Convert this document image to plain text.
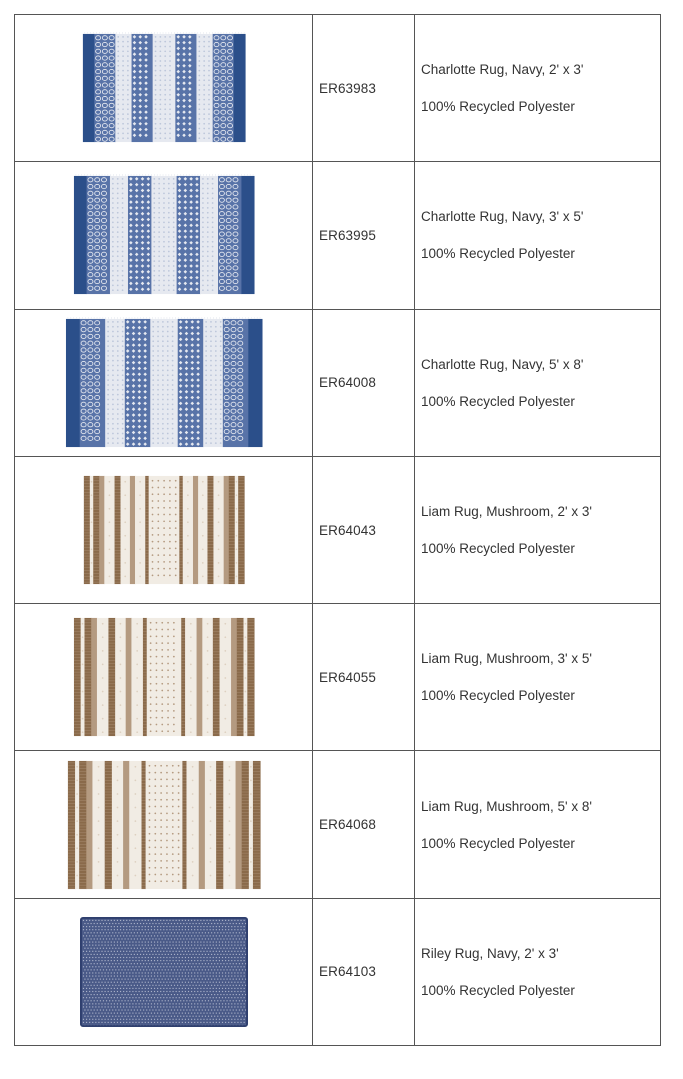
	ER63983	Charlotte Rug, Navy, 2' x 3'
100% Recycled Polyester

	ER63995	Charlotte Rug, Navy, 3' x 5'
100% Recycled Polyester

	ER64008	Charlotte Rug, Navy, 5' x 8'
100% Recycled Polyester

	ER64043	Liam Rug, Mushroom, 2' x 3'
100% Recycled Polyester

	ER64055	Liam Rug, Mushroom, 3' x 5'
100% Recycled Polyester

	ER64068	Liam Rug, Mushroom, 5' x 8'
100% Recycled Polyester

	ER64103	Riley Rug, Navy, 2' x 3'
100% Recycled Polyester
